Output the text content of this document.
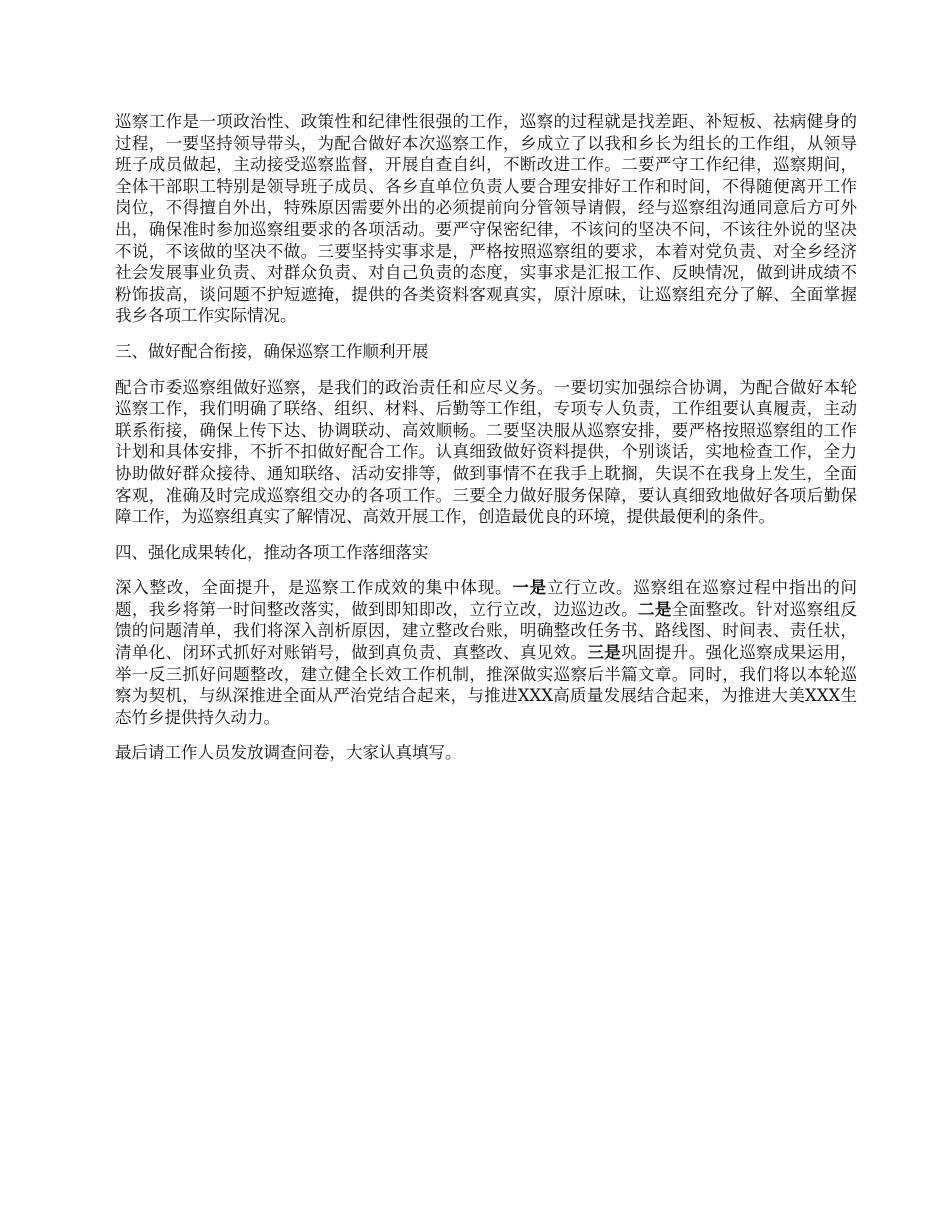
巡察工作是一项政治性、政策性和纪律性很强的工作，巡察的过程就是找差距、补短板、祛病健身的过程，一要坚持领导带头，为配合做好本次巡察工作，乡成立了以我和乡长为组长的工作组，从领导班子成员做起，主动接受巡察监督，开展自查自纠，不断改进工作。二要严守工作纪律，巡察期间，全体干部职工特别是领导班子成员、各乡直单位负责人要合理安排好工作和时间，不得随便离开工作岗位，不得擅自外出，特殊原因需要外出的必须提前向分管领导请假，经与巡察组沟通同意后方可外出，确保准时参加巡察组要求的各项活动。要严守保密纪律，不该问的坚决不问，不该往外说的坚决不说，不该做的坚决不做。三要坚持实事求是，严格按照巡察组的要求，本着对党负责、对全乡经济社会发展事业负责、对群众负责、对自己负责的态度，实事求是汇报工作、反映情况，做到讲成绩不粉饰拔高，谈问题不护短遮掩，提供的各类资料客观真实，原汁原味，让巡察组充分了解、全面掌握我乡各项工作实际情况。

三、做好配合衔接，确保巡察工作顺利开展

配合市委巡察组做好巡察，是我们的政治责任和应尽义务。一要切实加强综合协调，为配合做好本轮巡察工作，我们明确了联络、组织、材料、后勤等工作组，专项专人负责，工作组要认真履责，主动联系衔接，确保上传下达、协调联动、高效顺畅。二要坚决服从巡察安排，要严格按照巡察组的工作计划和具体安排，不折不扣做好配合工作。认真细致做好资料提供，个别谈话，实地检查工作，全力协助做好群众接待、通知联络、活动安排等，做到事情不在我手上耽搁，失误不在我身上发生，全面客观，准确及时完成巡察组交办的各项工作。三要全力做好服务保障，要认真细致地做好各项后勤保障工作，为巡察组真实了解情况、高效开展工作，创造最优良的环境，提供最便利的条件。

四、强化成果转化，推动各项工作落细落实

深入整改，全面提升，是巡察工作成效的集中体现。一是立行立改。巡察组在巡察过程中指出的问题，我乡将第一时间整改落实，做到即知即改，立行立改，边巡边改。二是全面整改。针对巡察组反馈的问题清单，我们将深入剖析原因，建立整改台账，明确整改任务书、路线图、时间表、责任状，清单化、闭环式抓好对账销号，做到真负责、真整改、真见效。三是巩固提升。强化巡察成果运用，举一反三抓好问题整改，建立健全长效工作机制，推深做实巡察后半篇文章。同时，我们将以本轮巡察为契机，与纵深推进全面从严治党结合起来，与推进XXX高质量发展结合起来，为推进大美XXX生态竹乡提供持久动力。

最后请工作人员发放调查问卷，大家认真填写。
